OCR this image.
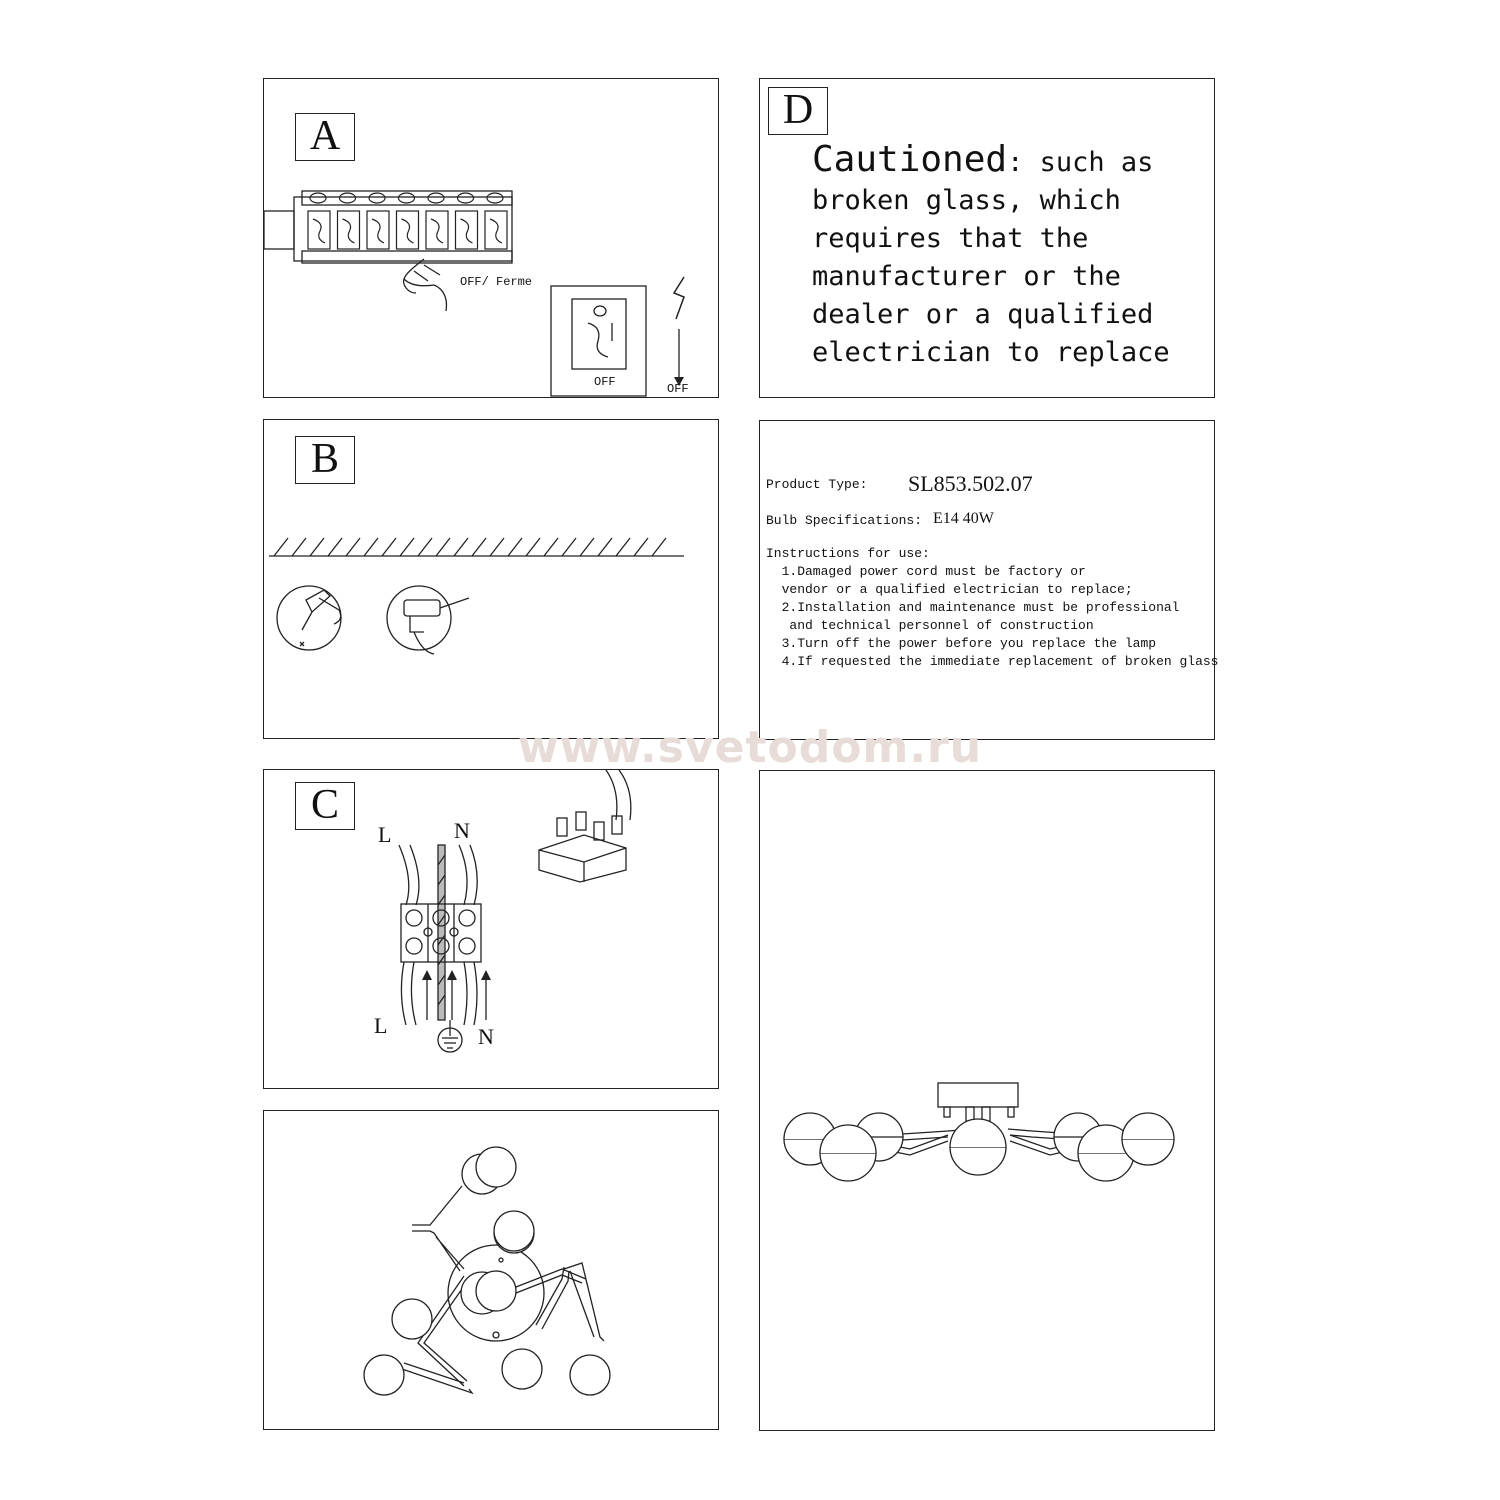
A
OFF/ Ferme
OFF	OFF
D
Cautioned: such as
broken glass, which
requires that the
manufacturer or the
dealer or a qualified
electrician to replace
B
Product Type: SL853.502.07
Bulb Specifications: E14 40W
Instructions for use:
1.Damaged power cord must be factory or
vendor or a qualified electrician to replace;
2.Installation and maintenance must be professional
and technical personnel of construction
3.Turn off the power before you replace the lamp
4.If requested the immediate replacement of broken glass
C
L	N
L	N
www.svetodom.ru
